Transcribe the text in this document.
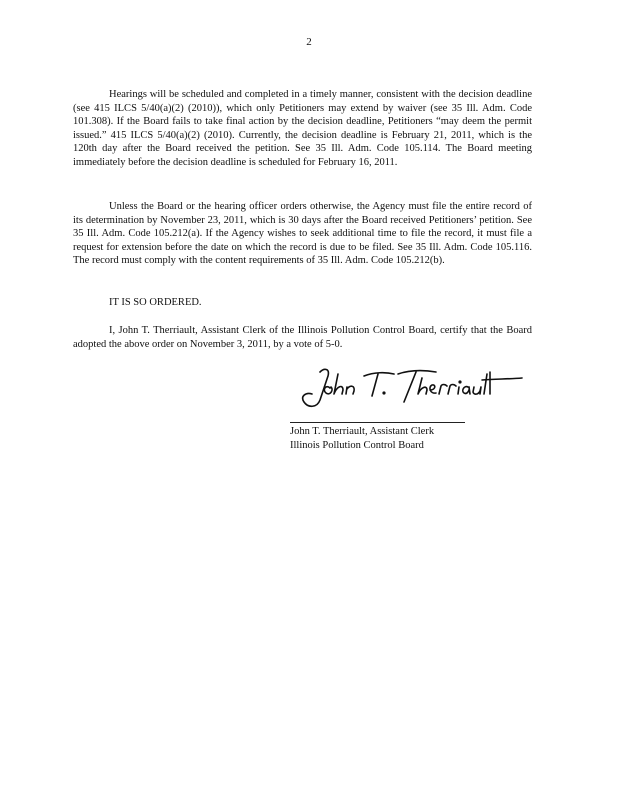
2

Hearings will be scheduled and completed in a timely manner, consistent with the decision deadline (see 415 ILCS 5/40(a)(2) (2010)), which only Petitioners may extend by waiver (see 35 Ill. Adm. Code 101.308). If the Board fails to take final action by the decision deadline, Petitioners “may deem the permit issued.” 415 ILCS 5/40(a)(2) (2010). Currently, the decision deadline is February 21, 2011, which is the 120th day after the Board received the petition. See 35 Ill. Adm. Code 105.114. The Board meeting immediately before the decision deadline is scheduled for February 16, 2011.

Unless the Board or the hearing officer orders otherwise, the Agency must file the entire record of its determination by November 23, 2011, which is 30 days after the Board received Petitioners’ petition. See 35 Ill. Adm. Code 105.212(a). If the Agency wishes to seek additional time to file the record, it must file a request for extension before the date on which the record is due to be filed. See 35 Ill. Adm. Code 105.116. The record must comply with the content requirements of 35 Ill. Adm. Code 105.212(b).

IT IS SO ORDERED.

I, John T. Therriault, Assistant Clerk of the Illinois Pollution Control Board, certify that the Board adopted the above order on November 3, 2011, by a vote of 5-0.

John T. Therriault, Assistant Clerk
Illinois Pollution Control Board
